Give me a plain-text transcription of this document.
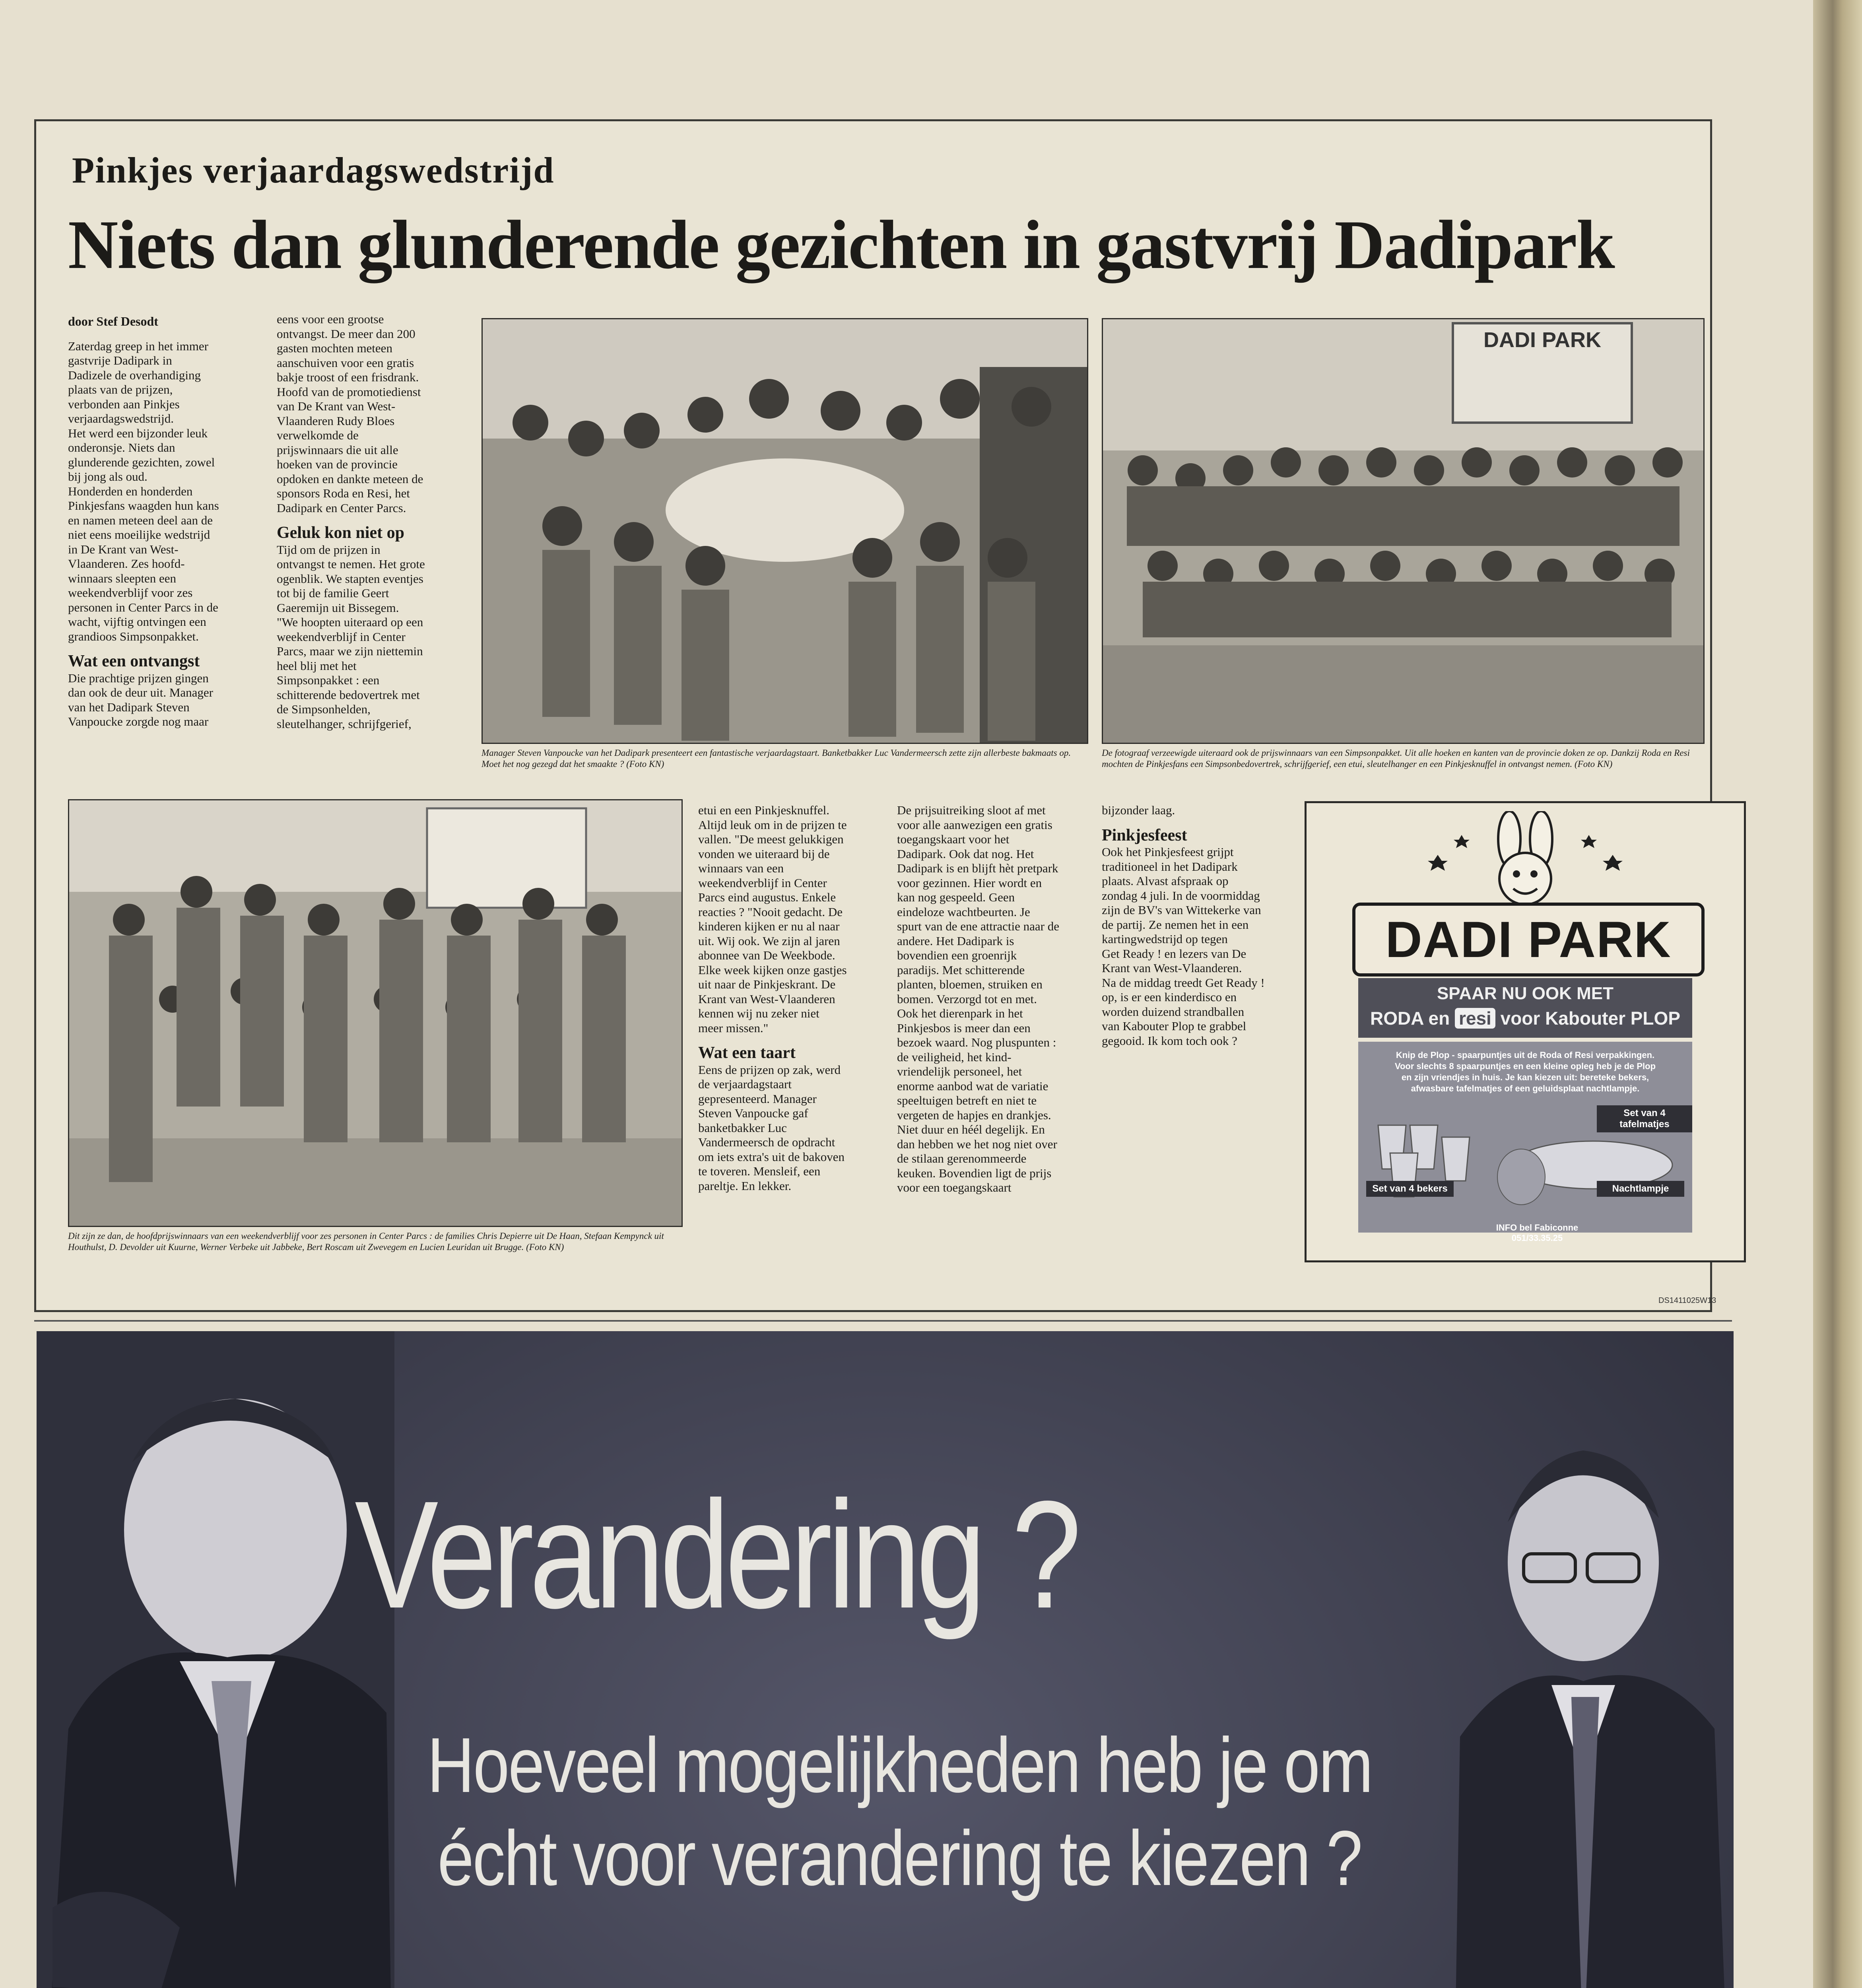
Pinkjes verjaardagswedstrijd
Niets dan glunderende gezichten in gastvrij Dadipark

door Stef Desodt

Zaterdag greep in het immer
gastvrije Dadipark in
Dadizele de overhandiging
plaats van de prijzen,
verbonden aan Pinkjes
verjaardagswedstrijd.
Het werd een bijzonder leuk
onderonsje. Niets dan
glunderende gezichten, zowel
bij jong als oud.
Honderden en honderden
Pinkjesfans waagden hun kans
en namen meteen deel aan de
niet eens moeilijke wedstrijd
in De Krant van West-
Vlaanderen. Zes hoofd-
winnaars sleepten een
weekendverblijf voor zes
personen in Center Parcs in de
wacht, vijftig ontvingen een
grandioos Simpsonpakket.

Wat een ontvangst

Die prachtige prijzen gingen
dan ook de deur uit. Manager
van het Dadipark Steven
Vanpoucke zorgde nog maar

eens voor een grootse
ontvangst. De meer dan 200
gasten mochten meteen
aanschuiven voor een gratis
bakje troost of een frisdrank.
Hoofd van de promotiedienst
van De Krant van West-
Vlaanderen Rudy Bloes
verwelkomde de
prijswinnaars die uit alle
hoeken van de provincie
opdoken en dankte meteen de
sponsors Roda en Resi, het
Dadipark en Center Parcs.

Geluk kon niet op

Tijd om de prijzen in
ontvangst te nemen. Het grote
ogenblik. We stapten eventjes
tot bij de familie Geert
Gaeremijn uit Bissegem.
"We hoopten uiteraard op een
weekendverblijf in Center
Parcs, maar we zijn niettemin
heel blij met het
Simpsonpakket : een
schitterende bedovertrek met
de Simpsonhelden,
sleutelhanger, schrijfgerief,

Manager Steven Vanpoucke van het Dadipark presenteert een fantastische verjaardagstaart. Banketbakker Luc Vandermeersch zette zijn allerbeste bakmaats op. Moet het nog gezegd dat het smaakte ? (Foto KN)
DADI PARK
De fotograaf verzeewigde uiteraard ook de prijswinnaars van een Simpsonpakket. Uit alle hoeken en kanten van de provincie doken ze op. Dankzij Roda en Resi mochten de Pinkjesfans een Simpsonbedovertrek, schrijfgerief, een etui, sleutelhanger en een Pinkjesknuffel in ontvangst nemen. (Foto KN)
Dit zijn ze dan, de hoofdprijswinnaars van een weekendverblijf voor zes personen in Center Parcs : de families Chris Depierre uit De Haan, Stefaan Kempynck uit Houthulst, D. Devolder uit Kuurne, Werner Verbeke uit Jabbeke, Bert Roscam uit Zwevegem en Lucien Leuridan uit Brugge. (Foto KN)

etui en een Pinkjesknuffel.
Altijd leuk om in de prijzen te
vallen. "De meest gelukkigen
vonden we uiteraard bij de
winnaars van een
weekendverblijf in Center
Parcs eind augustus. Enkele
reacties ? "Nooit gedacht. De
kinderen kijken er nu al naar
uit. Wij ook. We zijn al jaren
abonnee van De Weekbode.
Elke week kijken onze gastjes
uit naar de Pinkjeskrant. De
Krant van West-Vlaanderen
kennen wij nu zeker niet
meer missen."

Wat een taart

Eens de prijzen op zak, werd
de verjaardagstaart
gepresenteerd. Manager
Steven Vanpoucke gaf
banketbakker Luc
Vandermeersch de opdracht
om iets extra's uit de bakoven
te toveren. Mensleif, een
pareltje. En lekker.

De prijsuitreiking sloot af met
voor alle aanwezigen een gratis
toegangskaart voor het
Dadipark. Ook dat nog. Het
Dadipark is en blijft hèt pretpark
voor gezinnen. Hier wordt en
kan nog gespeeld. Geen
eindeloze wachtbeurten. Je
spurt van de ene attractie naar de
andere. Het Dadipark is
bovendien een groenrijk
paradijs. Met schitterende
planten, bloemen, struiken en
bomen. Verzorgd tot en met.
Ook het dierenpark in het
Pinkjesbos is meer dan een
bezoek waard. Nog pluspunten :
de veiligheid, het kind-
vriendelijk personeel, het
enorme aanbod wat de variatie
speeltuigen betreft en niet te
vergeten de hapjes en drankjes.
Niet duur en héél degelijk. En
dan hebben we het nog niet over
de stilaan gerenommeerde
keuken. Bovendien ligt de prijs
voor een toegangskaart

bijzonder laag.

Pinkjesfeest

Ook het Pinkjesfeest grijpt
traditioneel in het Dadipark
plaats. Alvast afspraak op
zondag 4 juli. In de voormiddag
zijn de BV's van Wittekerke van
de partij. Ze nemen het in een
kartingwedstrijd op tegen
Get Ready ! en lezers van De
Krant van West-Vlaanderen.
Na de middag treedt Get Ready !
op, is er een kinderdisco en
worden duizend strandballen
van Kabouter Plop te grabbel
gegooid. Ik kom toch ook ?

DADI PARK
SPAAR NU OOK MET
RODA en resi voor Kabouter PLOP
Knip de Plop - spaarpuntjes uit de Roda of Resi verpakkingen.
Voor slechts 8 spaarpuntjes en een kleine opleg heb je de Plop
en zijn vriendjes in huis. Je kan kiezen uit: bereteke bekers,
afwasbare tafelmatjes of een geluidsplaat nachtlampje.
Set van 4 tafelmatjes
Set van 4 bekers	Nachtlampje
INFO bel Fabiconne 051/33.35.25
DS1411025W13
Verandering ?
Hoeveel mogelijkheden heb je om
écht voor verandering te kiezen ?
